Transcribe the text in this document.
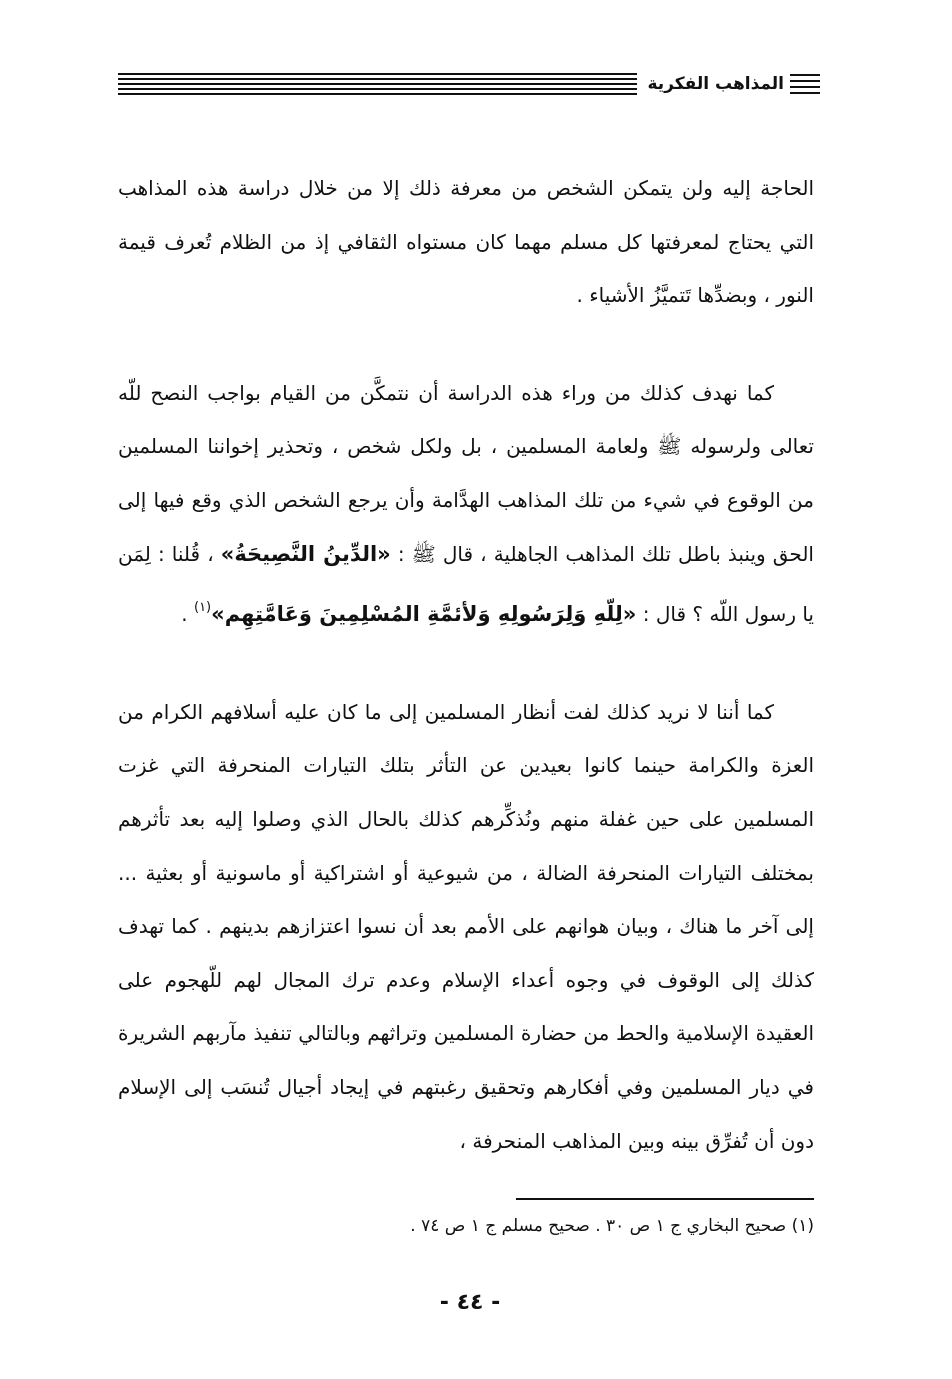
المذاهب الفكرية

الحاجة إليه ولن يتمكن الشخص من معرفة ذلك إلا من خلال دراسة هذه المذاهب التي يحتاج لمعرفتها كل مسلم مهما كان مستواه الثقافي إذ من الظلام تُعرف قيمة النور ، وبضدِّها تَتميَّزُ الأشياء .

كما نهدف كذلك من وراء هذه الدراسة أن نتمكَّن من القيام بواجب النصح للّه تعالى ولرسوله ﷺ ولعامة المسلمين ، بل ولكل شخص ، وتحذير إخواننا المسلمين من الوقوع في شيء من تلك المذاهب الهدَّامة وأن يرجع الشخص الذي وقع فيها إلى الحق وينبذ باطل تلك المذاهب الجاهلية ، قال ﷺ : «الدِّينُ النَّصِيحَةُ» ، قُلنا : لِمَن يا رسول اللّه ؟ قال : «لِلّهِ وَلِرَسُولِهِ وَلأئمَّةِ المُسْلِمِينَ وَعَامَّتِهِم»$^{(١)}$ .

كما أننا لا نريد كذلك لفت أنظار المسلمين إلى ما كان عليه أسلافهم الكرام من العزة والكرامة حينما كانوا بعيدين عن التأثر بتلك التيارات المنحرفة التي غزت المسلمين على حين غفلة منهم ونُذكِّرهم كذلك بالحال الذي وصلوا إليه بعد تأثرهم بمختلف التيارات المنحرفة الضالة ، من شيوعية أو اشتراكية أو ماسونية أو بعثية ... إلى آخر ما هناك ، وبيان هوانهم على الأمم بعد أن نسوا اعتزازهم بدينهم . كما تهدف كذلك إلى الوقوف في وجوه أعداء الإسلام وعدم ترك المجال لهم للّهجوم على العقيدة الإسلامية والحط من حضارة المسلمين وتراثهم وبالتالي تنفيذ مآربهم الشريرة في ديار المسلمين وفي أفكارهم وتحقيق رغبتهم في إيجاد أجيال تُنسَب إلى الإسلام دون أن تُفرِّق بينه وبين المذاهب المنحرفة ،

(١) صحيح البخاري ج ١ ص ٣٠ . صحيح مسلم ج ١ ص ٧٤ .
- ٤٤ -
